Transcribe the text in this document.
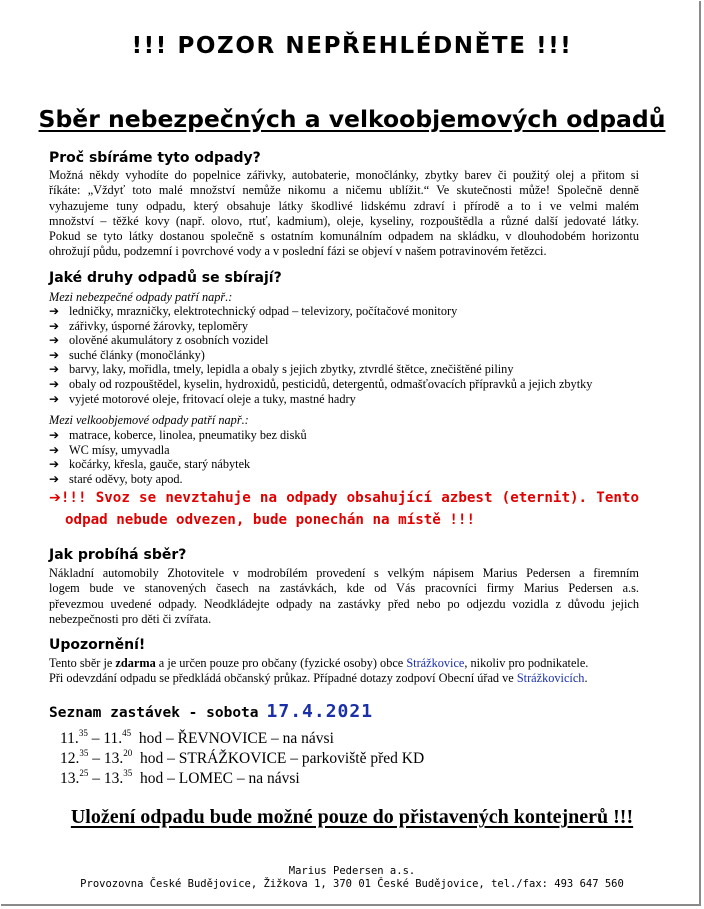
!!! POZOR NEPŘEHLÉDNĚTE !!!
Sběr nebezpečných a velkoobjemových odpadů
Proč sbíráme tyto odpady?
Možná někdy vyhodíte do popelnice zářivky, autobaterie, monočlánky, zbytky barev či použitý olej a přitom si
říkáte: „Vždyť toto malé množství nemůže nikomu a ničemu ublížit.“ Ve skutečnosti může! Společně denně
vyhazujeme tuny odpadu, který obsahuje látky škodlivé lidskému zdraví i přírodě a to i ve velmi malém
množství – těžké kovy (např. olovo, rtuť, kadmium), oleje, kyseliny, rozpouštědla a různé další jedovaté látky.
Pokud se tyto látky dostanou společně s ostatním komunálním odpadem na skládku, v dlouhodobém horizontu
ohrožují půdu, podzemní i povrchové vody a v poslední fázi se objeví v našem potravinovém řetězci.
Jaké druhy odpadů se sbírají?
Mezi nebezpečné odpady patří např.:
➔ ledničky, mrazničky, elektrotechnický odpad – televizory, počítačové monitory
➔ zářivky, úsporné žárovky, teploměry
➔ olověné akumulátory z osobních vozidel
➔ suché články (monočlánky)
➔ barvy, laky, mořidla, tmely, lepidla a obaly s jejich zbytky, ztvrdlé štětce, znečištěné piliny
➔ obaly od rozpouštědel, kyselin, hydroxidů, pesticidů, detergentů, odmašťovacích přípravků a jejich zbytky
➔ vyjeté motorové oleje, fritovací oleje a tuky, mastné hadry
Mezi velkoobjemové odpady patří např.:
➔ matrace, koberce, linolea, pneumatiky bez disků
➔ WC mísy, umyvadla
➔ kočárky, křesla, gauče, starý nábytek
➔ staré oděvy, boty apod.
➔!!! Svoz se nevztahuje na odpady obsahující azbest (eternit). Tento
odpad nebude odvezen, bude ponechán na místě !!!
Jak probíhá sběr?
Nákladní automobily Zhotovitele v modrobílém provedení s velkým nápisem Marius Pedersen a firemním
logem bude ve stanovených časech na zastávkách, kde od Vás pracovníci firmy Marius Pedersen a.s.
převezmou uvedené odpady. Neodkládejte odpady na zastávky před nebo po odjezdu vozidla z důvodu jejich
nebezpečnosti pro děti či zvířata.
Upozornění!
Tento sběr je zdarma a je určen pouze pro občany (fyzické osoby) obce Strážkovice, nikoliv pro podnikatele.
Při odevzdání odpadu se předkládá občanský průkaz. Případné dotazy zodpoví Obecní úřad ve Strážkovicích.
Seznam zastávek - sobota 17.4.2021
11.35 – 11.45 hod – ŘEVNOVICE – na návsi
12.35 – 13.20 hod – STRÁŽKOVICE – parkoviště před KD
13.25 – 13.35 hod – LOMEC – na návsi
Uložení odpadu bude možné pouze do přistavených kontejnerů !!!
Marius Pedersen a.s.
Provozovna České Budějovice, Žižkova 1, 370 01 České Budějovice, tel./fax: 493 647 560
